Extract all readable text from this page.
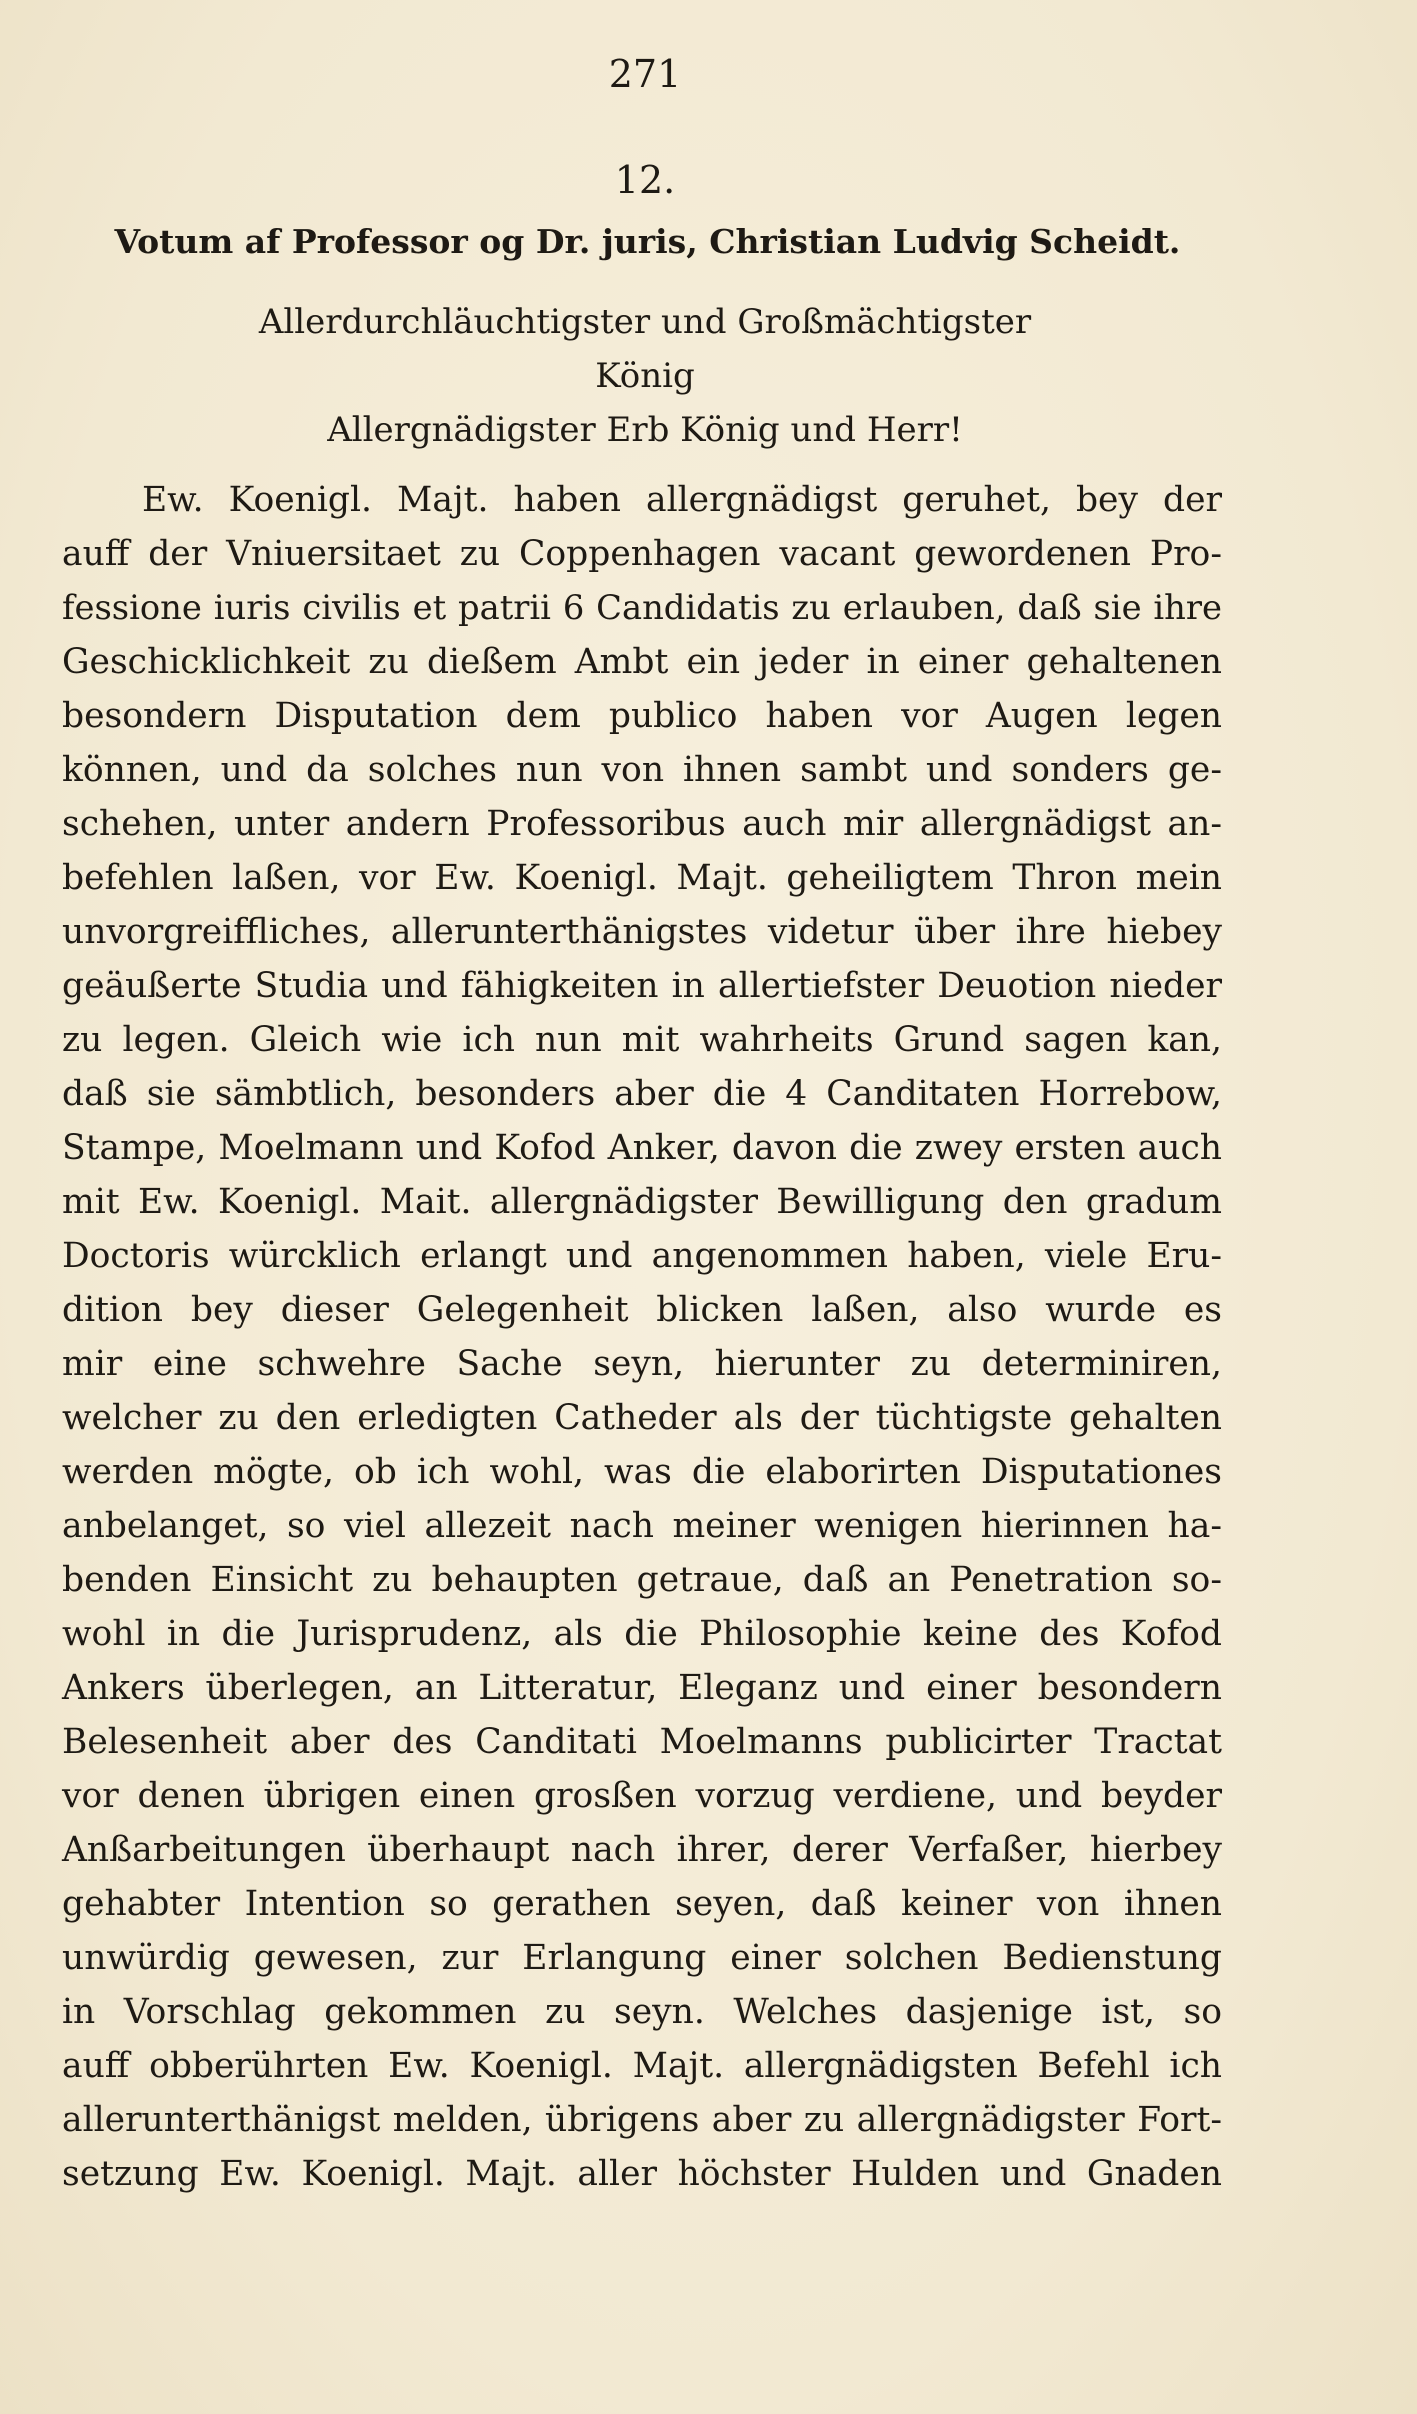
271
12.
Votum af Professor og Dr. juris, Christian Ludvig Scheidt.
Allerdurchläuchtigster und Großmächtigster
König
Allergnädigster Erb König und Herr!
Ew. Koenigl. Majt. haben allergnädigst geruhet, bey der
auff der Vniuersitaet zu Coppenhagen vacant gewordenen Pro-
fessione iuris civilis et patrii 6 Candidatis zu erlauben, daß sie ihre
Geschicklichkeit zu dießem Ambt ein jeder in einer gehaltenen
besondern Disputation dem publico haben vor Augen legen
können, und da solches nun von ihnen sambt und sonders ge-
schehen, unter andern Professoribus auch mir allergnädigst an-
befehlen laßen, vor Ew. Koenigl. Majt. geheiligtem Thron mein
unvorgreiffliches, allerunterthänigstes videtur über ihre hiebey
geäußerte Studia und fähigkeiten in allertiefster Deuotion nieder
zu legen. Gleich wie ich nun mit wahrheits Grund sagen kan,
daß sie sämbtlich, besonders aber die 4 Canditaten Horrebow,
Stampe, Moelmann und Kofod Anker, davon die zwey ersten auch
mit Ew. Koenigl. Mait. allergnädigster Bewilligung den gradum
Doctoris würcklich erlangt und angenommen haben, viele Eru-
dition bey dieser Gelegenheit blicken laßen, also wurde es
mir eine schwehre Sache seyn, hierunter zu determiniren,
welcher zu den erledigten Catheder als der tüchtigste gehalten
werden mögte, ob ich wohl, was die elaborirten Disputationes
anbelanget, so viel allezeit nach meiner wenigen hierinnen ha-
benden Einsicht zu behaupten getraue, daß an Penetration so-
wohl in die Jurisprudenz, als die Philosophie keine des Kofod
Ankers überlegen, an Litteratur, Eleganz und einer besondern
Belesenheit aber des Canditati Moelmanns publicirter Tractat
vor denen übrigen einen grosßen vorzug verdiene, und beyder
Anßarbeitungen überhaupt nach ihrer, derer Verfaßer, hierbey
gehabter Intention so gerathen seyen, daß keiner von ihnen
unwürdig gewesen, zur Erlangung einer solchen Bedienstung
in Vorschlag gekommen zu seyn. Welches dasjenige ist, so
auff obberührten Ew. Koenigl. Majt. allergnädigsten Befehl ich
allerunterthänigst melden, übrigens aber zu allergnädigster Fort-
setzung Ew. Koenigl. Majt. aller höchster Hulden und Gnaden
